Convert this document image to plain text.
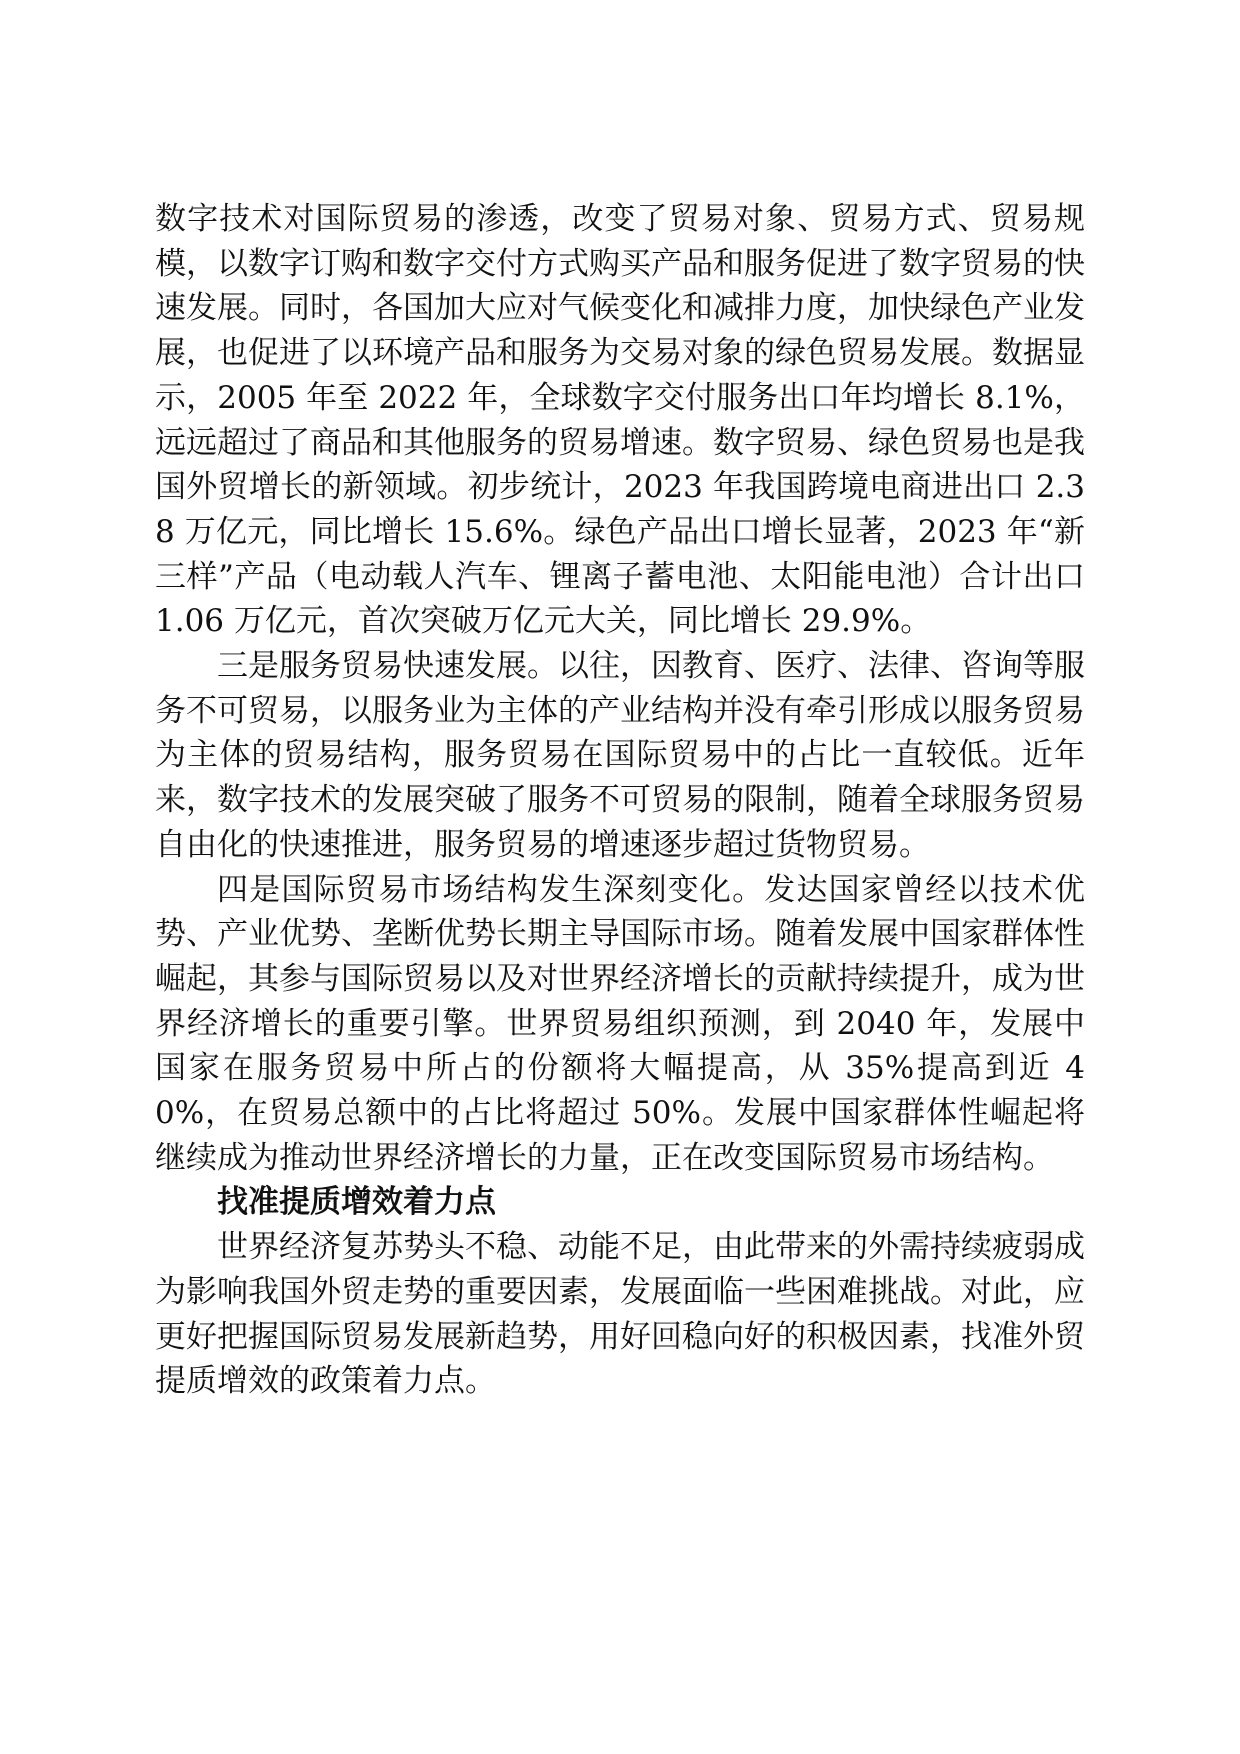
数字技术对国际贸易的渗透，改变了贸易对象、贸易方式、贸易规模，以数字订购和数字交付方式购买产品和服务促进了数字贸易的快速发展。同时，各国加大应对气候变化和减排力度，加快绿色产业发展，也促进了以环境产品和服务为交易对象的绿色贸易发展。数据显示，2005 年至 2022 年，全球数字交付服务出口年均增长 8.1%，远远超过了商品和其他服务的贸易增速。数字贸易、绿色贸易也是我国外贸增长的新领域。初步统计，2023 年我国跨境电商进出口 2.38 万亿元，同比增长 15.6%。绿色产品出口增长显著，2023 年“新三样”产品（电动载人汽车、锂离子蓄电池、太阳能电池）合计出口 1.06 万亿元，首次突破万亿元大关，同比增长 29.9%。

三是服务贸易快速发展。以往，因教育、医疗、法律、咨询等服务不可贸易，以服务业为主体的产业结构并没有牵引形成以服务贸易为主体的贸易结构，服务贸易在国际贸易中的占比一直较低。近年来，数字技术的发展突破了服务不可贸易的限制，随着全球服务贸易自由化的快速推进，服务贸易的增速逐步超过货物贸易。

四是国际贸易市场结构发生深刻变化。发达国家曾经以技术优势、产业优势、垄断优势长期主导国际市场。随着发展中国家群体性崛起，其参与国际贸易以及对世界经济增长的贡献持续提升，成为世界经济增长的重要引擎。世界贸易组织预测，到 2040 年，发展中国家在服务贸易中所占的份额将大幅提高，从 35%提高到近 40%，在贸易总额中的占比将超过 50%。发展中国家群体性崛起将继续成为推动世界经济增长的力量，正在改变国际贸易市场结构。

找准提质增效着力点

世界经济复苏势头不稳、动能不足，由此带来的外需持续疲弱成为影响我国外贸走势的重要因素，发展面临一些困难挑战。对此，应更好把握国际贸易发展新趋势，用好回稳向好的积极因素，找准外贸提质增效的政策着力点。
